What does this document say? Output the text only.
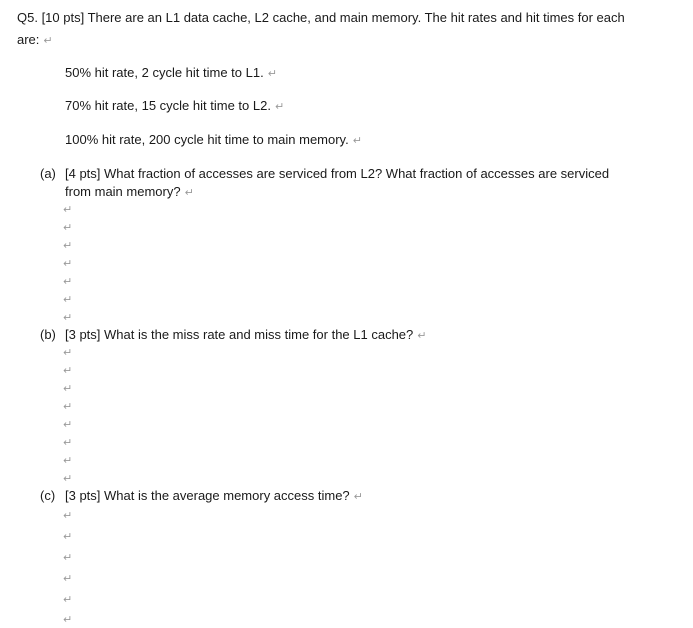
Q5. [10 pts] There are an L1 data cache, L2 cache, and main memory. The hit rates and hit times for each
are: ↵
50% hit rate, 2 cycle hit time to L1. ↵
70% hit rate, 15 cycle hit time to L2. ↵
100% hit rate, 200 cycle hit time to main memory. ↵
(a) [4 pts] What fraction of accesses are serviced from L2? What fraction of accesses are serviced
from main memory? ↵
↵
↵
↵
↵
↵
↵
↵
(b) [3 pts] What is the miss rate and miss time for the L1 cache? ↵
↵
↵
↵
↵
↵
↵
↵
↵
(c) [3 pts] What is the average memory access time? ↵
↵
↵
↵
↵
↵
↵
